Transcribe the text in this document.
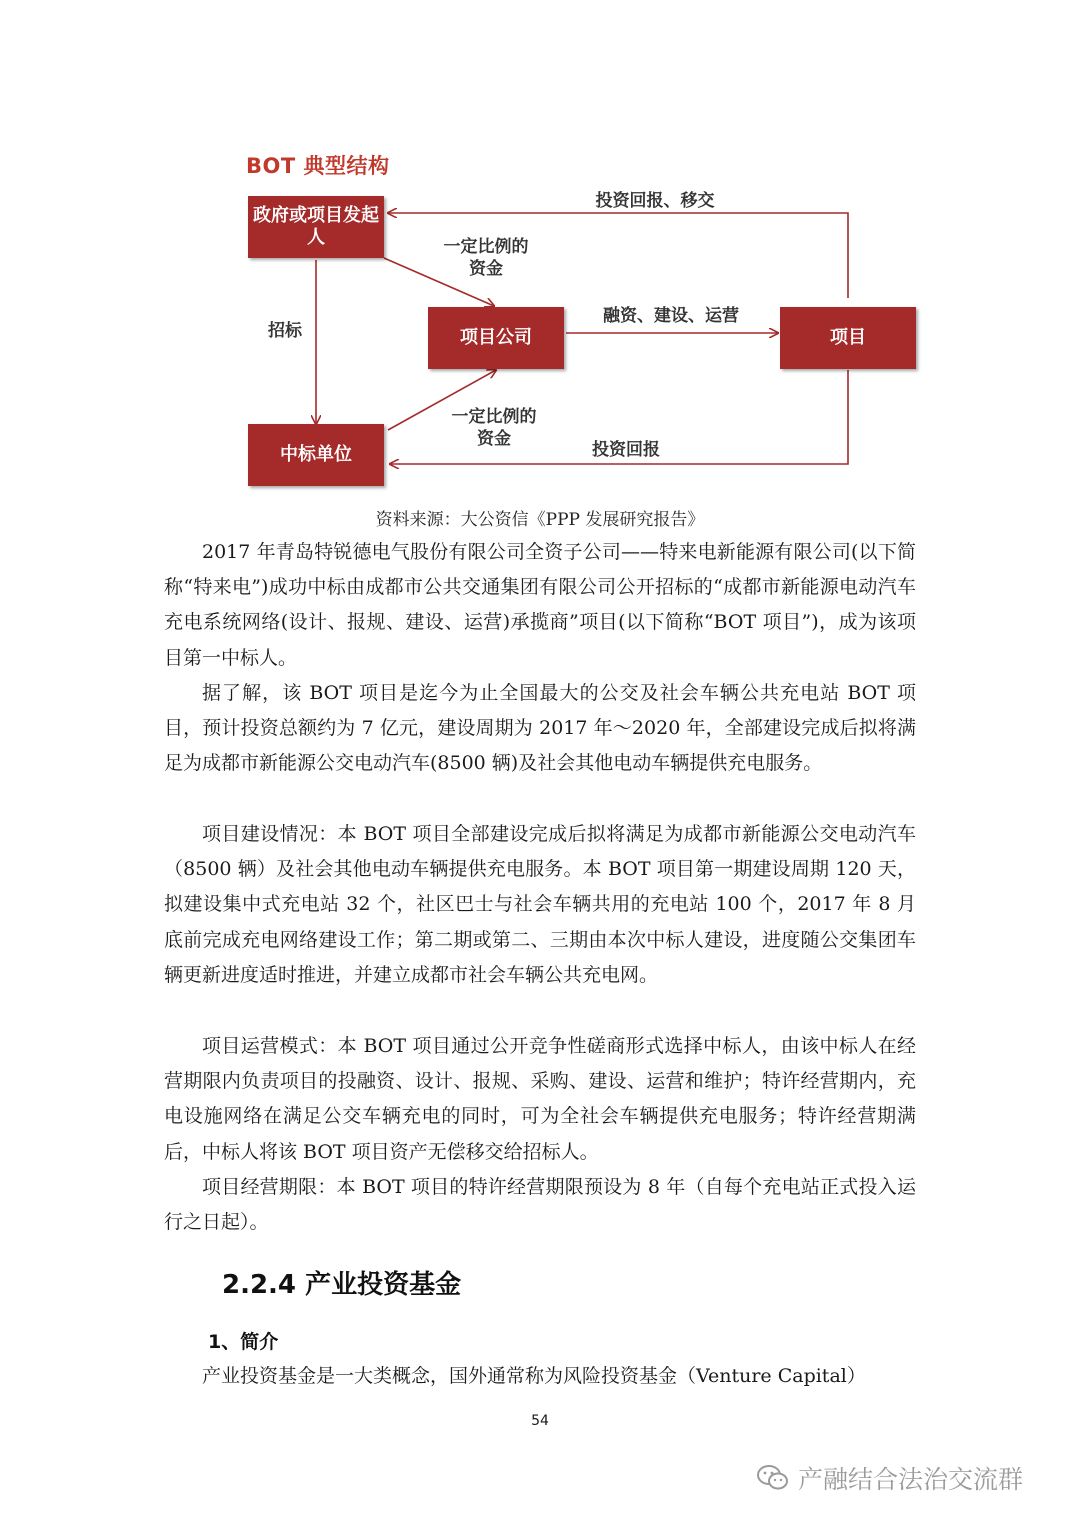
BOT 典型结构
政府或项目发起人
项目公司	项目
中标单位
投资回报、移交
一定比例的资金
招标
融资、建设、运营
一定比例的资金
投资回报
资料来源：大公资信《PPP 发展研究报告》

2017 年青岛特锐德电气股份有限公司全资子公司——特来电新能源有限公司(以下简称“特来电”)成功中标由成都市公共交通集团有限公司公开招标的“成都市新能源电动汽车充电系统网络(设计、报规、建设、运营)承揽商”项目(以下简称“BOT 项目”)，成为该项目第一中标人。

据了解，该 BOT 项目是迄今为止全国最大的公交及社会车辆公共充电站 BOT 项目，预计投资总额约为 7 亿元，建设周期为 2017 年～2020 年，全部建设完成后拟将满足为成都市新能源公交电动汽车(8500 辆)及社会其他电动车辆提供充电服务。

项目建设情况：本 BOT 项目全部建设完成后拟将满足为成都市新能源公交电动汽车（8500 辆）及社会其他电动车辆提供充电服务。本 BOT 项目第一期建设周期 120 天，拟建设集中式充电站 32 个，社区巴士与社会车辆共用的充电站 100 个，2017 年 8 月底前完成充电网络建设工作；第二期或第二、三期由本次中标人建设，进度随公交集团车辆更新进度适时推进，并建立成都市社会车辆公共充电网。

项目运营模式：本 BOT 项目通过公开竞争性磋商形式选择中标人，由该中标人在经营期限内负责项目的投融资、设计、报规、采购、建设、运营和维护；特许经营期内，充电设施网络在满足公交车辆充电的同时，可为全社会车辆提供充电服务；特许经营期满后，中标人将该 BOT 项目资产无偿移交给招标人。

项目经营期限：本 BOT 项目的特许经营期限预设为 8 年（自每个充电站正式投入运行之日起）。

2.2.4 产业投资基金
1、简介

产业投资基金是一大类概念，国外通常称为风险投资基金（Venture Capital）

54
产融结合法治交流群
